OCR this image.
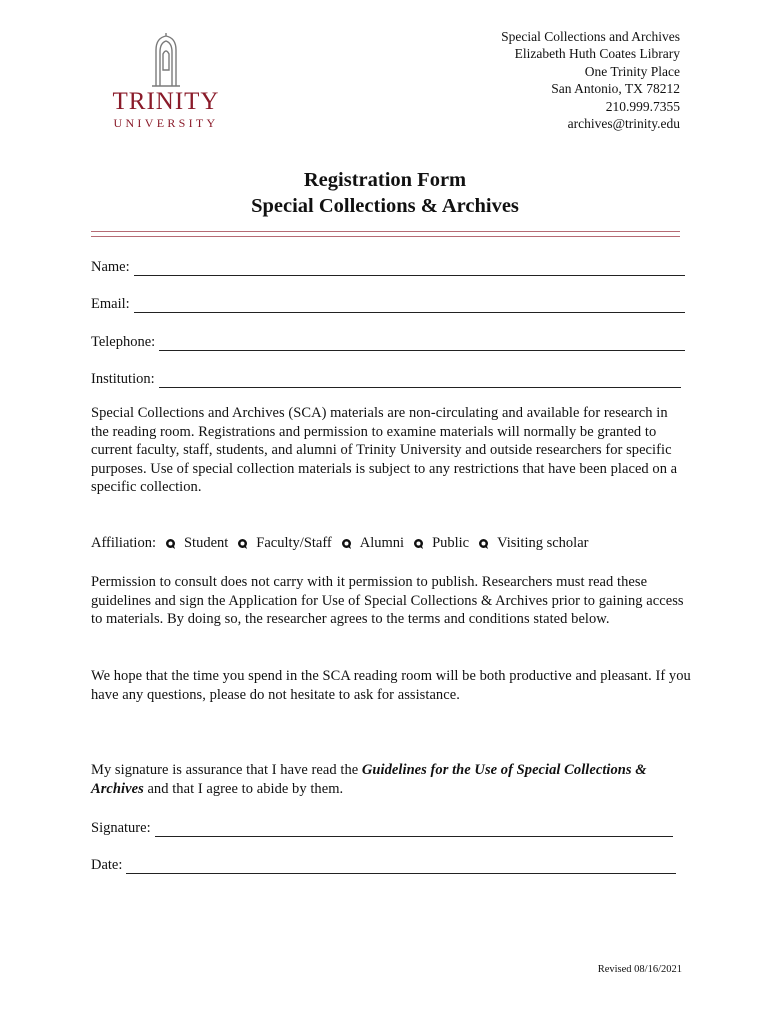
TRINITY
UNIVERSITY
Special Collections and Archives
Elizabeth Huth Coates Library
One Trinity Place
San Antonio, TX 78212
210.999.7355
archives@trinity.edu
Registration Form
Special Collections & Archives
Name:
Email:
Telephone:
Institution:
Special Collections and Archives (SCA) materials are non-circulating and available for research in the reading room. Registrations and permission to examine materials will normally be granted to current faculty, staff, students, and alumni of Trinity University and outside researchers for specific purposes. Use of special collection materials is subject to any restrictions that have been placed on a specific collection.
Affiliation: Student Faculty/Staff Alumni Public Visiting scholar
Permission to consult does not carry with it permission to publish. Researchers must read these guidelines and sign the Application for Use of Special Collections & Archives prior to gaining access to materials. By doing so, the researcher agrees to the terms and conditions stated below.
We hope that the time you spend in the SCA reading room will be both productive and pleasant. If you have any questions, please do not hesitate to ask for assistance.
My signature is assurance that I have read the Guidelines for the Use of Special Collections & Archives and that I agree to abide by them.
Signature:
Date:
Revised 08/16/2021
